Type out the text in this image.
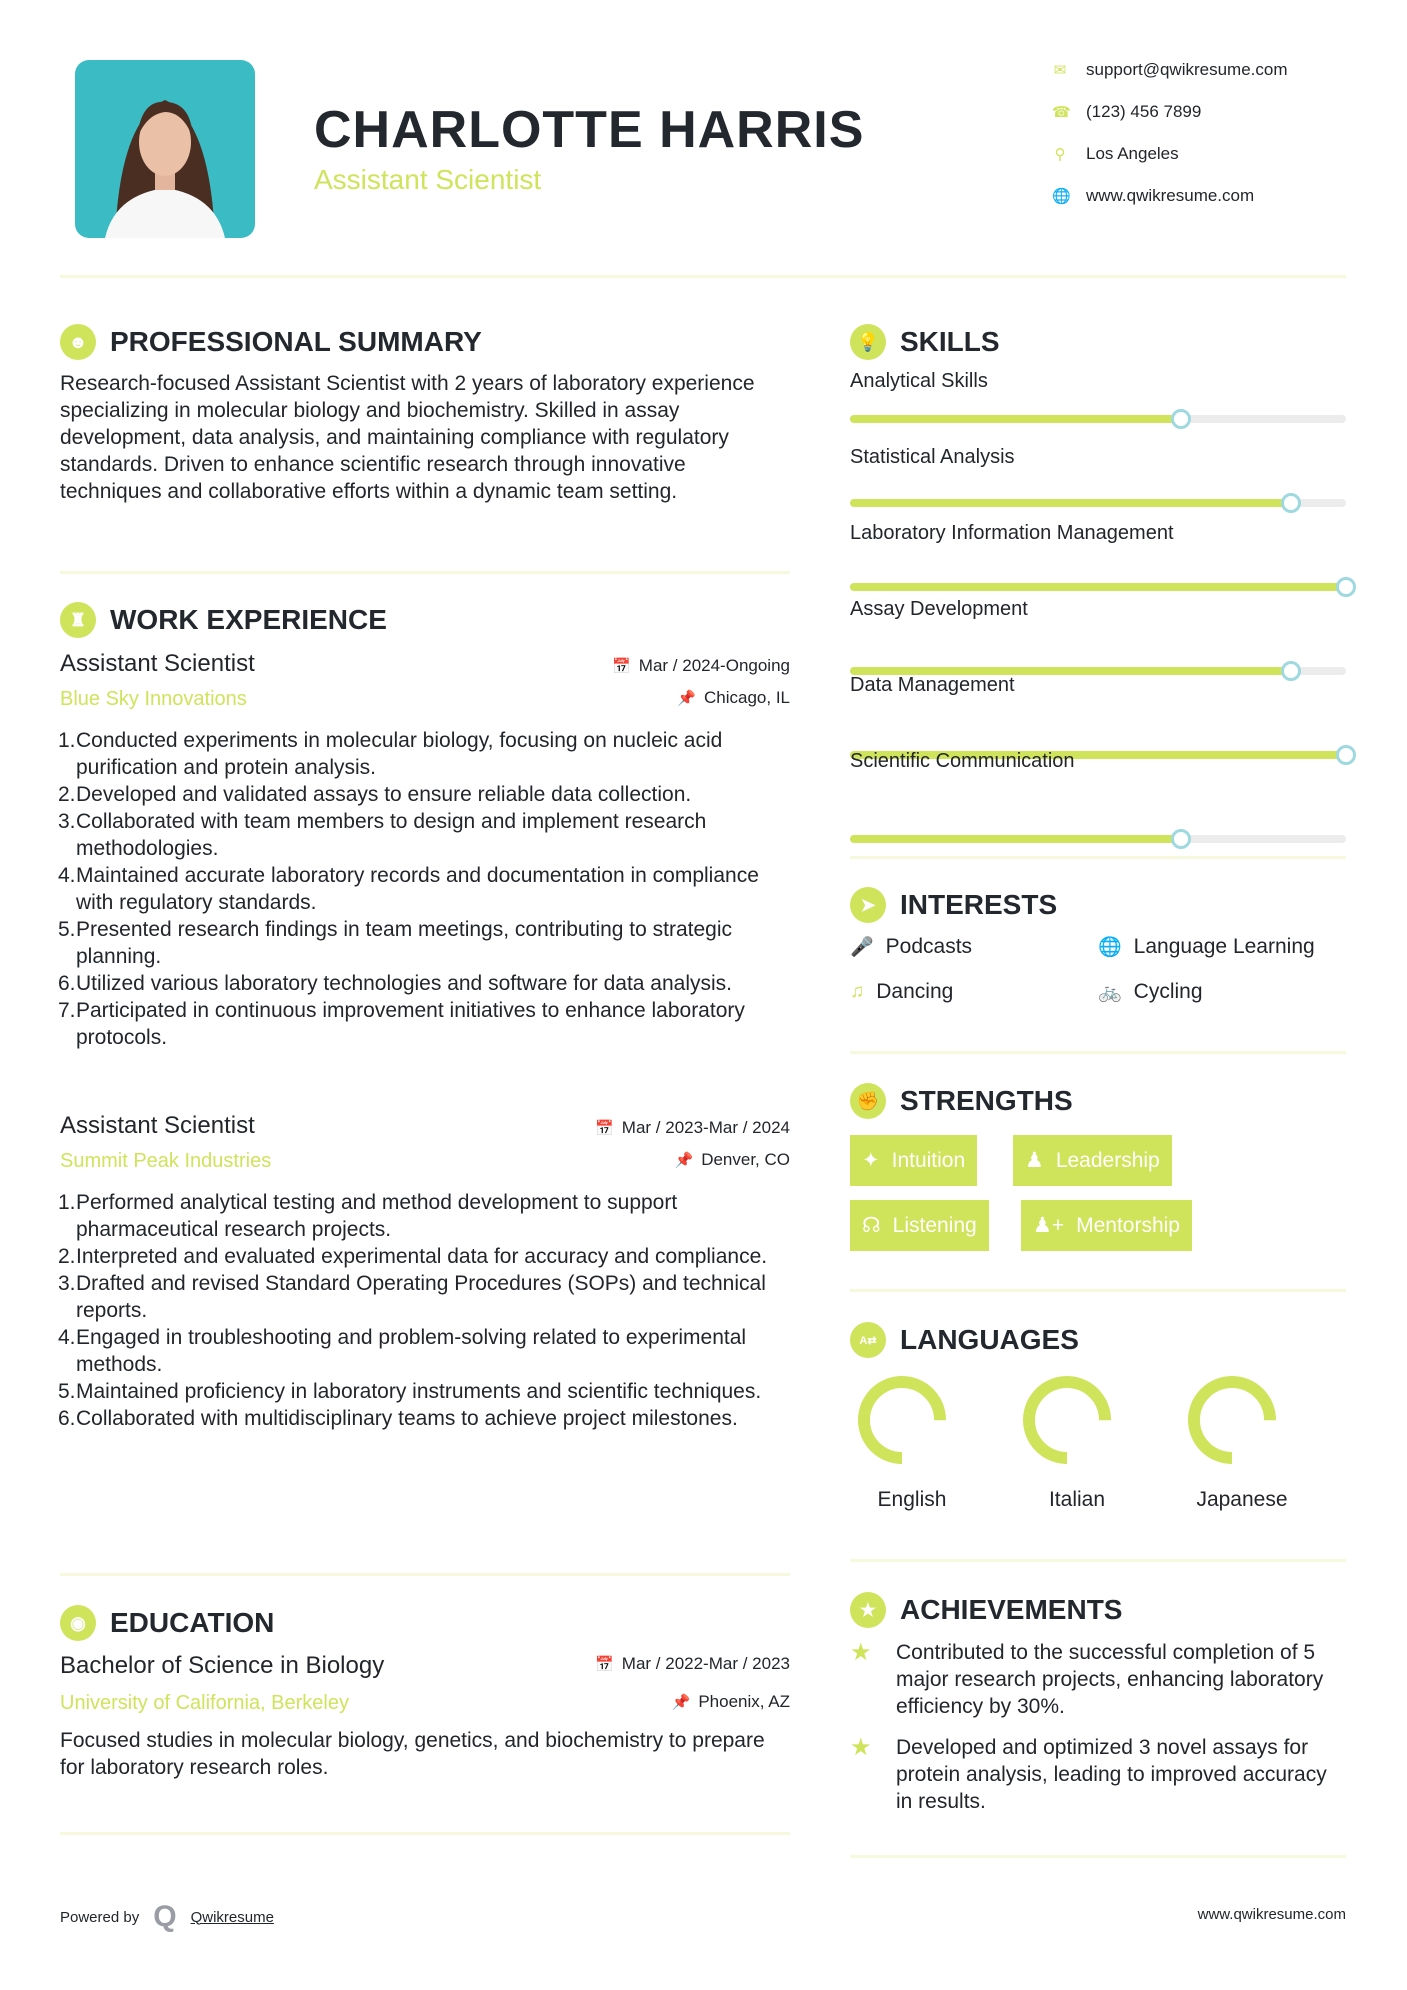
CHARLOTTE HARRIS
Assistant Scientist
☻ PROFESSIONAL SUMMARY
Research-focused Assistant Scientist with 2 years of laboratory experience specializing in molecular biology and biochemistry. Skilled in assay development, data analysis, and maintaining compliance with regulatory standards. Driven to enhance scientific research through innovative techniques and collaborative efforts within a dynamic team setting.
♜ WORK EXPERIENCE
◉ EDUCATION
Bachelor of Science in Biology
University of California, Berkeley
📅 Mar / 2022-Mar / 2023
📌 Phoenix, AZ
Focused studies in molecular biology, genetics, and biochemistry to prepare for laboratory research roles.
💡 SKILLS
➤ INTERESTS
✊ STRENGTHS
A⇄ LANGUAGES
★ ACHIEVEMENTS
Powered by Q Qwikresume	www.qwikresume.com
✉ support@qwikresume.com
☎ (123) 456 7899
⚲ Los Angeles
🌐 www.qwikresume.com
Assistant Scientist
Blue Sky Innovations
📅 Mar / 2024-Ongoing
📌 Chicago, IL
1. Conducted experiments in molecular biology, focusing on nucleic acid purification and protein analysis.
2. Developed and validated assays to ensure reliable data collection.
3. Collaborated with team members to design and implement research methodologies.
4. Maintained accurate laboratory records and documentation in compliance with regulatory standards.
5. Presented research findings in team meetings, contributing to strategic planning.
6. Utilized various laboratory technologies and software for data analysis.
7. Participated in continuous improvement initiatives to enhance laboratory protocols.
Assistant Scientist
Summit Peak Industries
📅 Mar / 2023-Mar / 2024
📌 Denver, CO
1. Performed analytical testing and method development to support pharmaceutical research projects.
2. Interpreted and evaluated experimental data for accuracy and compliance.
3. Drafted and revised Standard Operating Procedures (SOPs) and technical reports.
4. Engaged in troubleshooting and problem-solving related to experimental methods.
5. Maintained proficiency in laboratory instruments and scientific techniques.
6. Collaborated with multidisciplinary teams to achieve project milestones.
Analytical Skills
Statistical Analysis
Laboratory Information Management
Assay Development
Data Management
Scientific Communication
🎤 Podcasts	🌐 Language Learning
♫ Dancing	🚲 Cycling
✦ Intuition	♟ Leadership
☊ Listening	♟+ Mentorship
English	Italian	Japanese
★	Contributed to the successful completion of 5 major research projects, enhancing laboratory efficiency by 30%.
★	Developed and optimized 3 novel assays for protein analysis, leading to improved accuracy in results.
